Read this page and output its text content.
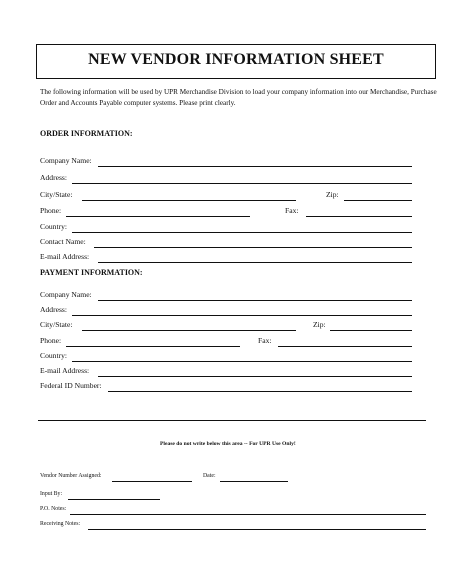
NEW VENDOR INFORMATION SHEET
The following information will be used by UPR Merchandise Division to load your company information into our Merchandise, Purchase Order and Accounts Payable computer systems. Please print clearly.
ORDER INFORMATION:
Company Name:
Address:
City/State:	Zip:
Phone:	Fax:
Country:
Contact Name:
E-mail Address:
PAYMENT INFORMATION:
Company Name:
Address:
City/State:	Zip:
Phone:	Fax:
Country:
E-mail Address:
Federal ID Number:
Please do not write below this area -- For UPR Use Only!
Vendor Number Assigned:	Date:
Input By:
P.O. Notes:
Receiving Notes:
